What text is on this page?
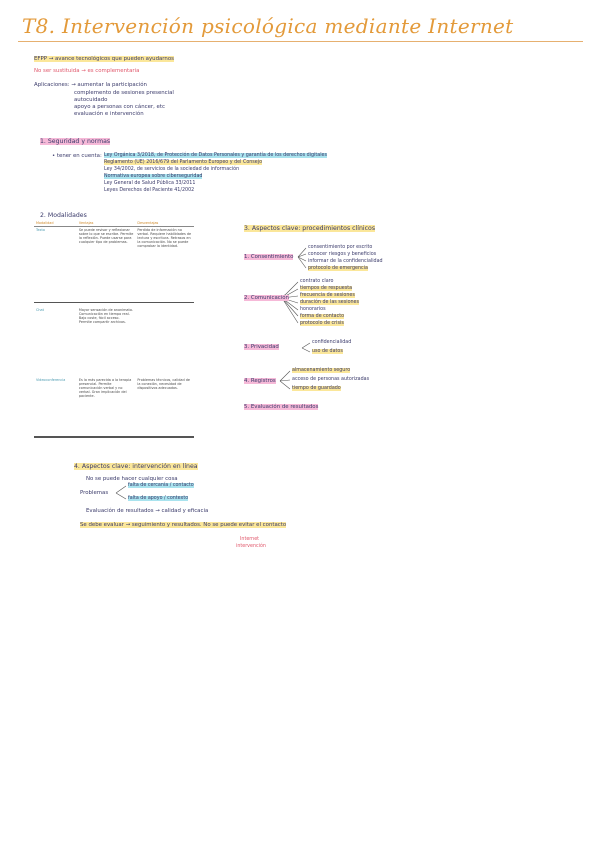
T8. Intervención psicológica mediante Internet
EFPP → avance tecnológicos que pueden ayudarnos
No ser sustituida → es complementaria
Aplicaciones: → aumentar la participación
complemento de sesiones presencial
autocuidado
apoyo a personas con cáncer, etc
evaluación e intervención
1. Seguridad y normas
• tener en cuenta: Ley Orgánica 3/2018, de Protección de Datos Personales y garantía de los derechos digitales
Reglamento (UE) 2016/679 del Parlamento Europeo y del Consejo
Ley 34/2002, de servicios de la sociedad de información
Normativa europea sobre ciberseguridad
Ley General de Salud Pública 33/2011
Leyes Derechos del Paciente 41/2002
2. Modalidades
Modalidad	Ventajas	Desventajas
Texto	Se puede revisar y reflexionar sobre lo que se escribe. Permite la reflexión. Puede usarse para cualquier tipo de problemas.	Perdida de información no verbal. Requiere habilidades de lectura y escritura. Retrasos en la comunicación. No se puede comprobar la identidad.
Chat	Mayor sensación de anonimato. Comunicación en tiempo real. Bajo coste, fácil acceso. Permite compartir archivos.	
Videoconferencia	Es la más parecida a la terapia presencial. Permite comunicación verbal y no verbal. Gran implicación del paciente.	Problemas técnicos, calidad de la conexión, necesidad de dispositivos adecuados.
3. Aspectos clave: procedimientos clínicos
1. Consentimiento
consentimiento por escrito
conocer riesgos y beneficios
informar de la confidencialidad
protocolo de emergencia
2. Comunicación
contrato claro
tiempos de respuesta
frecuencia de sesiones
duración de las sesiones
honorarios
forma de contacto
protocolo de crisis
3. Privacidad
confidencialidad
uso de datos
4. Registros
almacenamiento seguro
acceso de personas autorizadas
tiempo de guardado
5. Evaluación de resultados
4. Aspectos clave: intervención en línea
No se puede hacer cualquier cosa
Problemas
falta de cercanía / contacto
falta de apoyo / contexto
Evaluación de resultados → calidad y eficacia
Se debe evaluar → seguimiento y resultados. No se puede evitar el contacto
Internet
intervención
